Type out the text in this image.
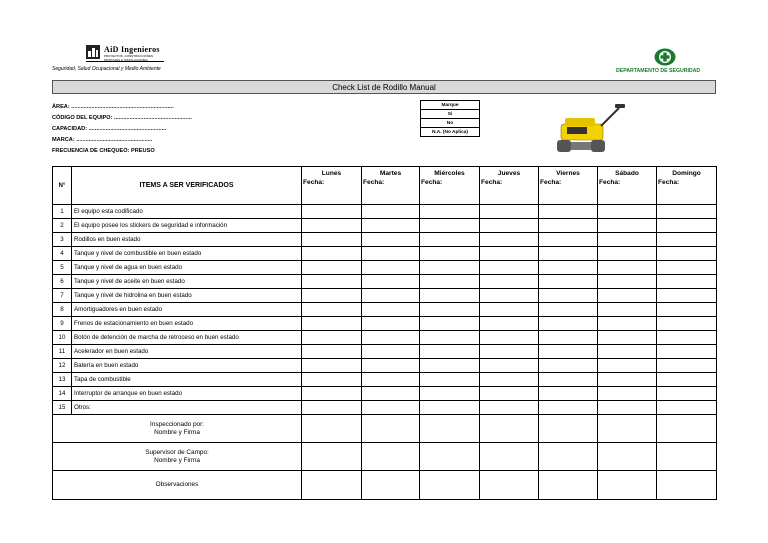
AiD Ingenieros
PROYECTOS, CONSTRUCCIONES
MONTAJES E INSTALACIONES
Seguridad, Salud Ocupacional y Medio Ambiente	DEPARTAMENTO DE SEGURIDAD
Check List de Rodillo Manual
ÁREA: ..................................................................
CÓDIGO DEL EQUIPO: ..................................................
CAPACIDAD: ..................................................
MARCA: .................................................
FRECUENCIA DE CHEQUEO: PREUSO
Marque
Si
No
N.A. (No Aplica)
N°	ITEMS A SER VERIFICADOS	Lunes	Martes	Miércoles	Jueves	Viernes	Sábado	Domingo
		Fecha:	Fecha:	Fecha:	Fecha:	Fecha:	Fecha:	Fecha:
1	El equipo esta codificado							
2	El equipo posee los stickers de seguridad e información							
3	Rodillos en buen estado							
4	Tanque y nivel de combustible en buen estado							
5	Tanque y nivel de agua en buen estado							
6	Tanque y nivel de aceite en buen estado							
7	Tanque y nivel de hidrolina en buen estado							
8	Amortiguadores en buen estado							
9	Frenos de estacionamiento en buen estado							
10	Botón de detención de marcha de retroceso en buen estado							
11	Acelerador en buen estado							
12	Batería en buen estado							
13	Tapa de combustible							
14	Interruptor de arranque en buen estado							
15	Otros:							

Inspeccionado por:
Nombre y Firma								

Supervisor de Campo:
Nombre y Firma								

Observaciones								
